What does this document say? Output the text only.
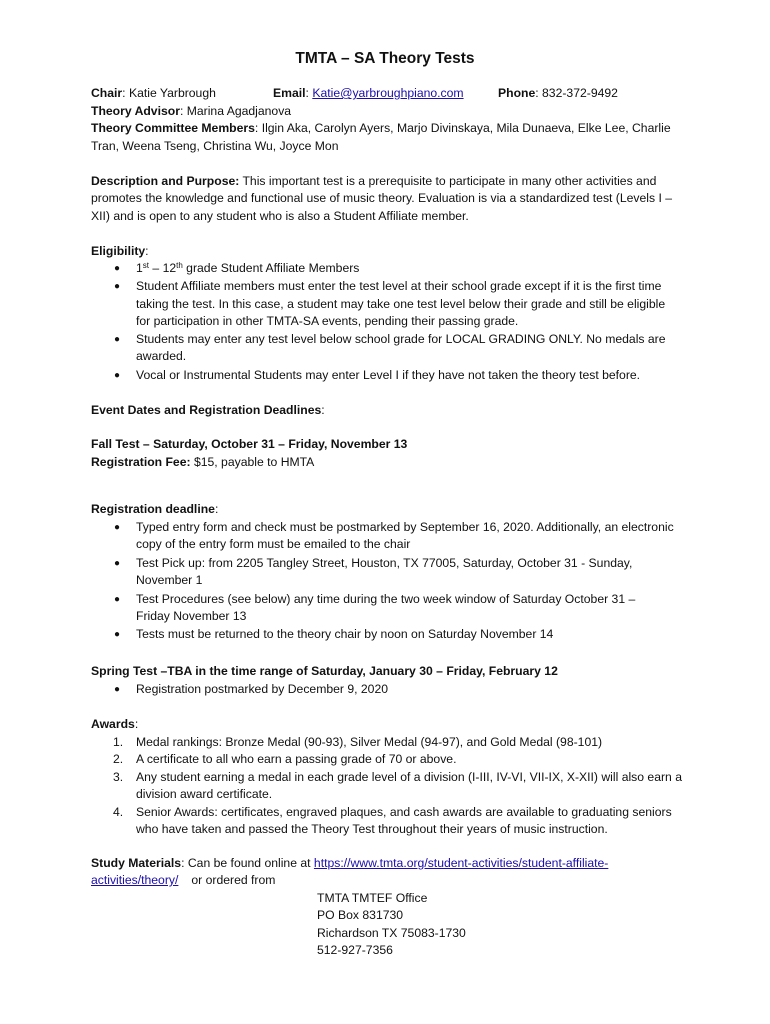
TMTA – SA Theory Tests
Chair: Katie Yarbrough	Email: Katie@yarbroughpiano.com	Phone: 832-372-9492
Theory Advisor: Marina Agadjanova
Theory Committee Members: Ilgin Aka, Carolyn Ayers, Marjo Divinskaya, Mila Dunaeva, Elke Lee, Charlie
Tran, Weena Tseng, Christina Wu, Joyce Mon
Description and Purpose: This important test is a prerequisite to participate in many other activities and
promotes the knowledge and functional use of music theory. Evaluation is via a standardized test (Levels I –
XII) and is open to any student who is also a Student Affiliate member.
Eligibility:
● 1st – 12th grade Student Affiliate Members
● Student Affiliate members must enter the test level at their school grade except if it is the first time
taking the test. In this case, a student may take one test level below their grade and still be eligible
for participation in other TMTA-SA events, pending their passing grade.
● Students may enter any test level below school grade for LOCAL GRADING ONLY. No medals are
awarded.
● Vocal or Instrumental Students may enter Level I if they have not taken the theory test before.
Event Dates and Registration Deadlines:
Fall Test – Saturday, October 31 – Friday, November 13
Registration Fee: $15, payable to HMTA
Registration deadline:
● Typed entry form and check must be postmarked by September 16, 2020. Additionally, an electronic
copy of the entry form must be emailed to the chair
● Test Pick up: from 2205 Tangley Street, Houston, TX 77005, Saturday, October 31 - Sunday,
November 1
● Test Procedures (see below) any time during the two week window of Saturday October 31 –
Friday November 13
● Tests must be returned to the theory chair by noon on Saturday November 14
Spring Test –TBA in the time range of Saturday, January 30 – Friday, February 12
● Registration postmarked by December 9, 2020
Awards:
1. Medal rankings: Bronze Medal (90-93), Silver Medal (94-97), and Gold Medal (98-101)
2. A certificate to all who earn a passing grade of 70 or above.
3. Any student earning a medal in each grade level of a division (I-III, IV-VI, VII-IX, X-XII) will also earn a
division award certificate.
4. Senior Awards: certificates, engraved plaques, and cash awards are available to graduating seniors
who have taken and passed the Theory Test throughout their years of music instruction.
Study Materials: Can be found online at https://www.tmta.org/student-activities/student-affiliate-
activities/theory/ or ordered from
TMTA TMTEF Office
PO Box 831730
Richardson TX 75083-1730
512-927-7356
